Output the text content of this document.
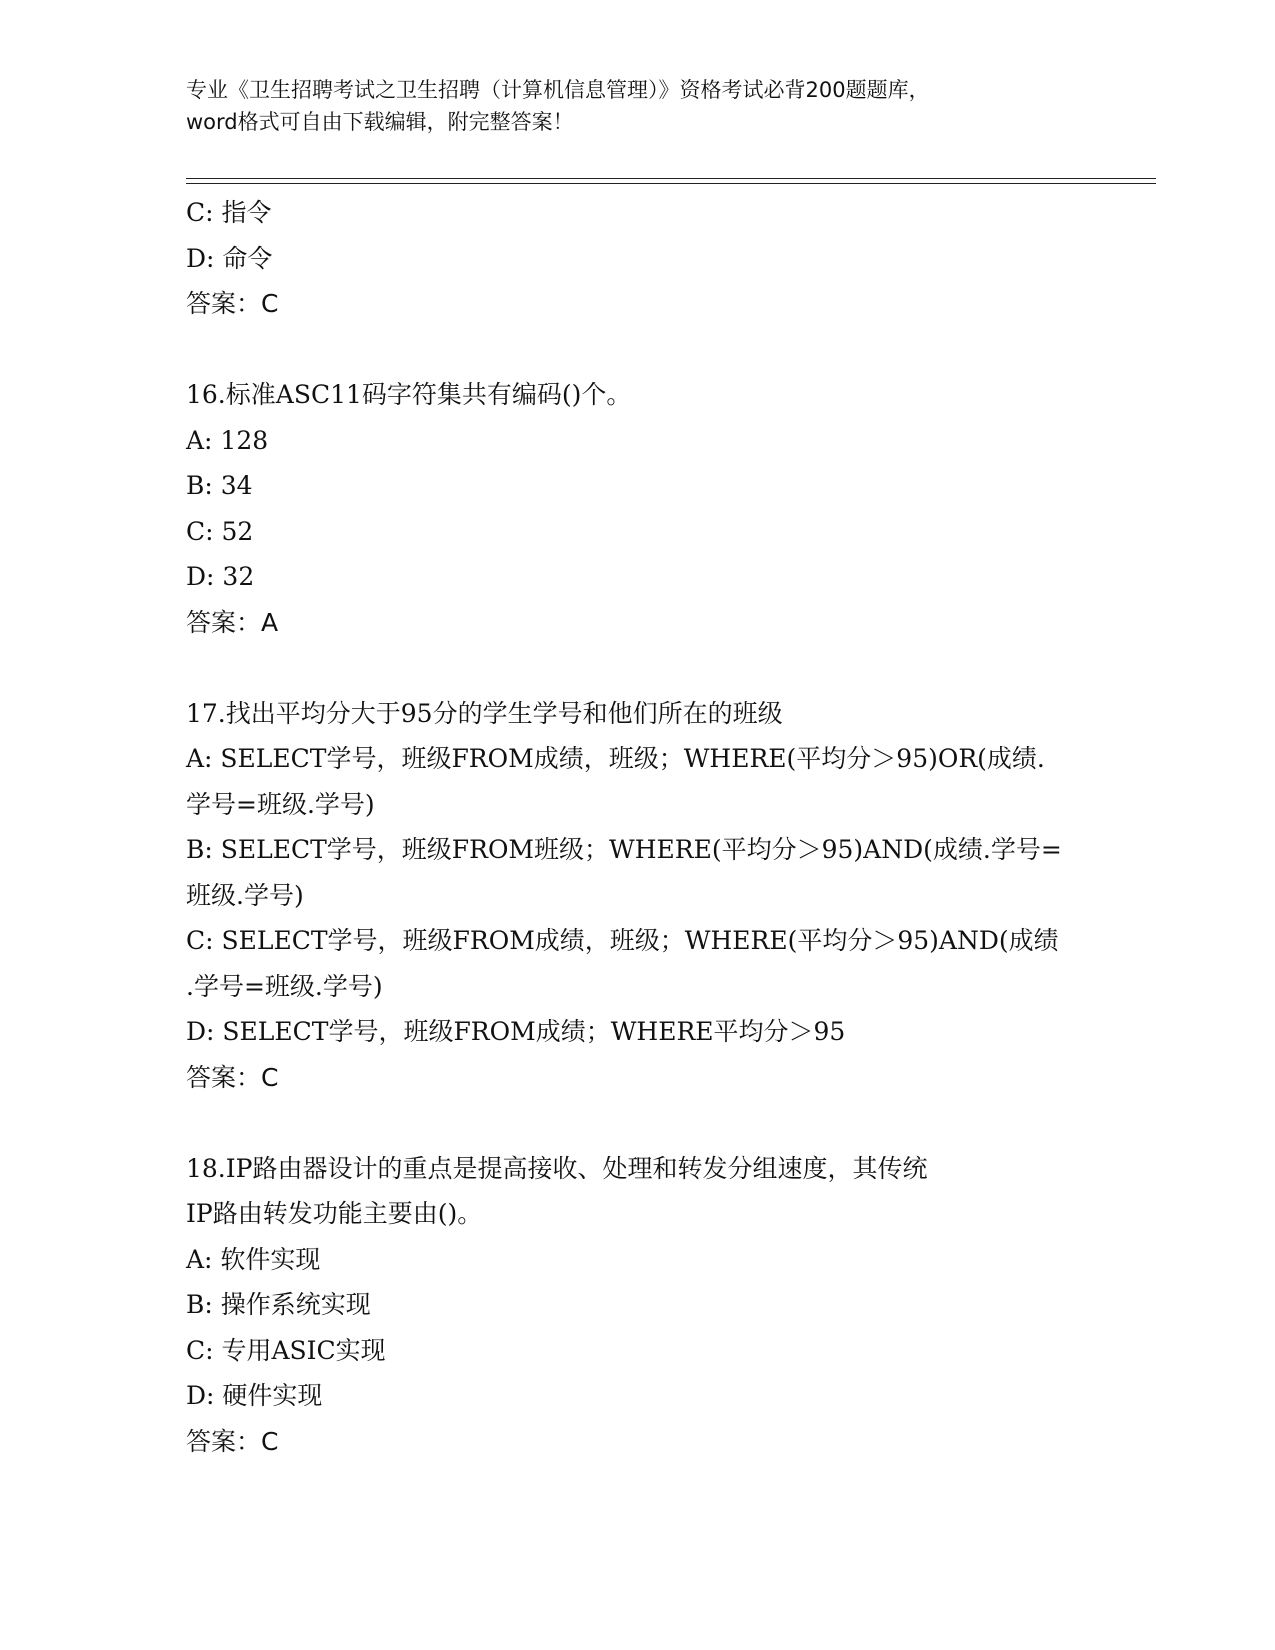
专业《卫生招聘考试之卫生招聘（计算机信息管理）》资格考试必背200题题库，
word格式可自由下载编辑，附完整答案！
C: 指令
D: 命令
答案：C
16.标准ASC11码字符集共有编码()个。
A: 128
B: 34
C: 52
D: 32
答案：A
17.找出平均分大于95分的学生学号和他们所在的班级
A: SELECT学号，班级FROM成绩，班级；WHERE(平均分＞95)OR(成绩.
学号=班级.学号)
B: SELECT学号，班级FROM班级；WHERE(平均分＞95)AND(成绩.学号=
班级.学号)
C: SELECT学号，班级FROM成绩，班级；WHERE(平均分＞95)AND(成绩
.学号=班级.学号)
D: SELECT学号，班级FROM成绩；WHERE平均分＞95
答案：C
18.IP路由器设计的重点是提高接收、处理和转发分组速度，其传统
IP路由转发功能主要由()。
A: 软件实现
B: 操作系统实现
C: 专用ASIC实现
D: 硬件实现
答案：C
